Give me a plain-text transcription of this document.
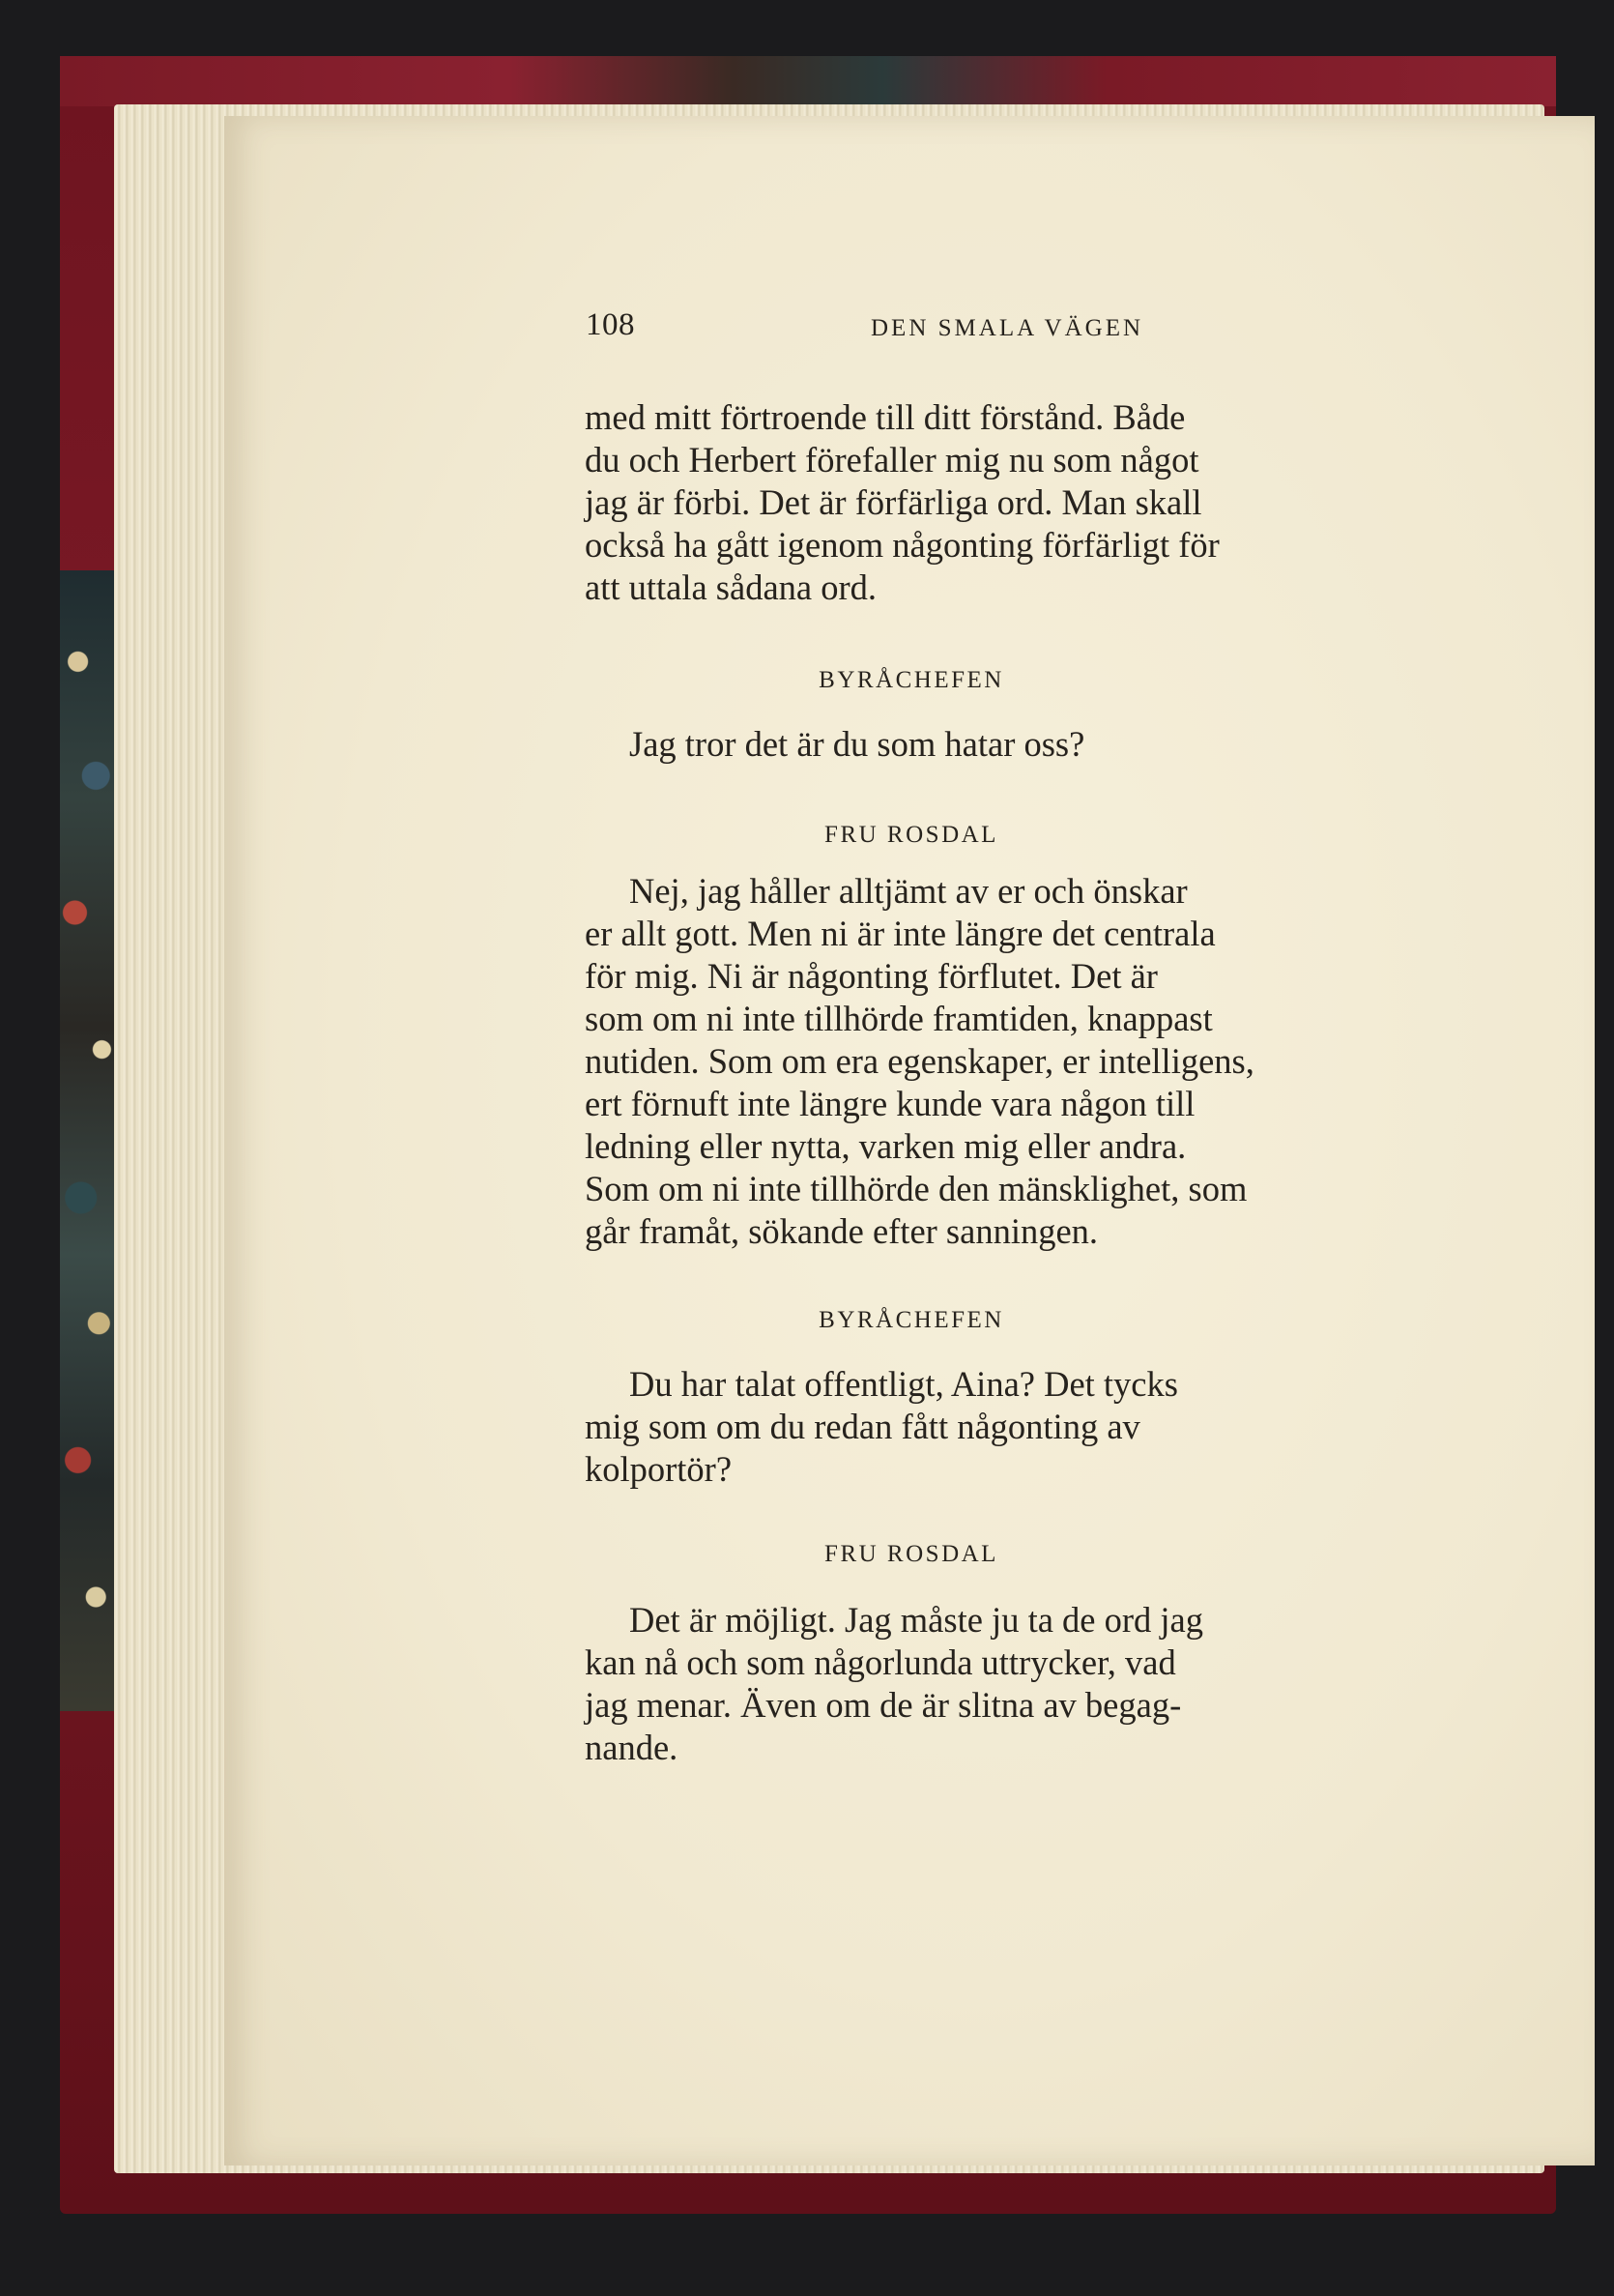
108	DEN SMALA VÄGEN

med mitt förtroende till ditt förstånd. Både

du och Herbert förefaller mig nu som något

jag är förbi. Det är förfärliga ord. Man skall

också ha gått igenom någonting förfärligt för

att uttala sådana ord.

BYRÅCHEFEN

Jag tror det är du som hatar oss?

FRU ROSDAL

Nej, jag håller alltjämt av er och önskar

er allt gott. Men ni är inte längre det centrala

för mig. Ni är någonting förflutet. Det är

som om ni inte tillhörde framtiden, knappast

nutiden. Som om era egenskaper, er intelligens,

ert förnuft inte längre kunde vara någon till

ledning eller nytta, varken mig eller andra.

Som om ni inte tillhörde den mänsklighet, som

går framåt, sökande efter sanningen.

BYRÅCHEFEN

Du har talat offentligt, Aina? Det tycks

mig som om du redan fått någonting av

kolportör?

FRU ROSDAL

Det är möjligt. Jag måste ju ta de ord jag

kan nå och som någorlunda uttrycker, vad

jag menar. Även om de är slitna av begag-

nande.
